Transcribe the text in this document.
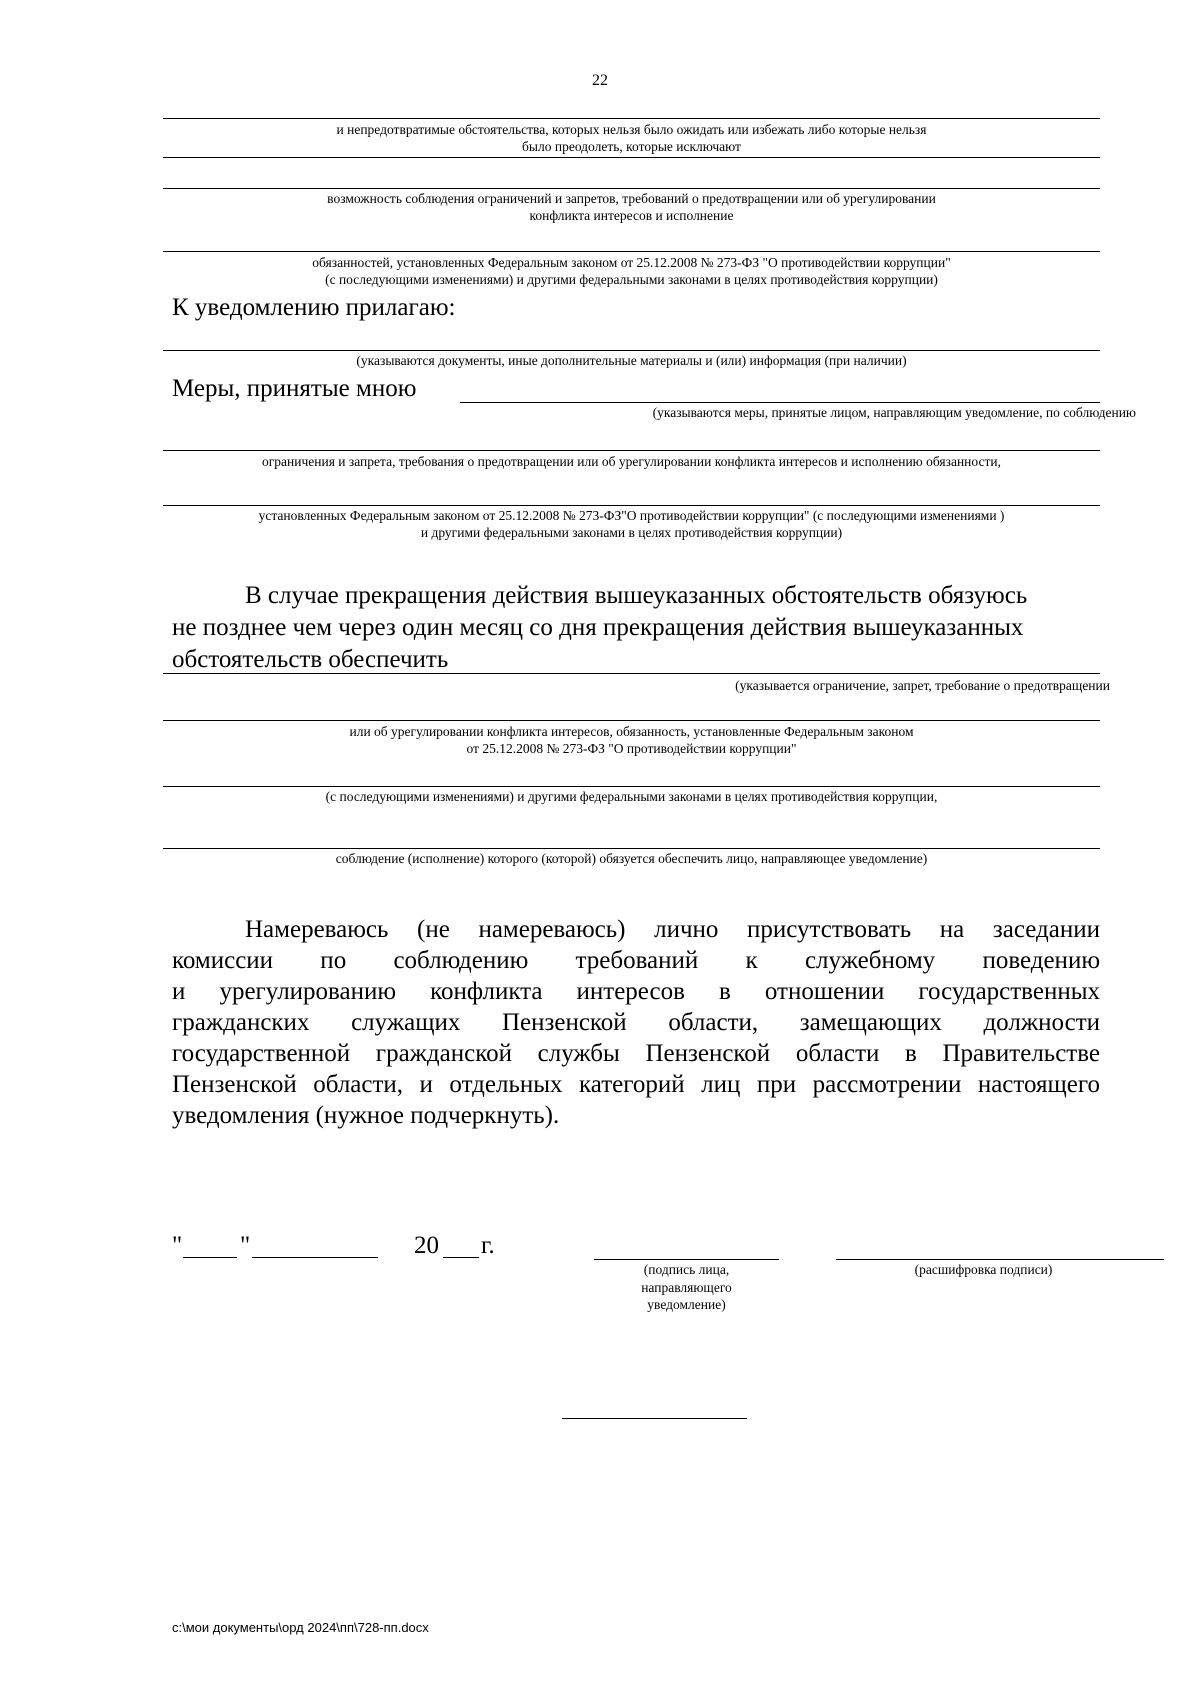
22
и непредотвратимые обстоятельства, которых нельзя было ожидать или избежать либо которые нельзя
было преодолеть, которые исключают
возможность соблюдения ограничений и запретов, требований о предотвращении или об урегулировании
конфликта интересов и исполнение
обязанностей, установленных Федеральным законом от 25.12.2008 № 273-ФЗ "О противодействии коррупции"
(с последующими изменениями) и другими федеральными законами в целях противодействия коррупции)
К уведомлению прилагаю:
(указываются документы, иные дополнительные материалы и (или) информация (при наличии)
Меры, принятые мною
(указываются меры, принятые лицом, направляющим уведомление, по соблюдению
ограничения и запрета, требования о предотвращении или об урегулировании конфликта интересов и исполнению обязанности,
установленных Федеральным законом от 25.12.2008 № 273-ФЗ"О противодействии коррупции" (с последующими изменениями )
и другими федеральными законами в целях противодействия коррупции)
В случае прекращения действия вышеуказанных обстоятельств обязуюсь
не позднее чем через один месяц со дня прекращения действия вышеуказанных
обстоятельств обеспечить
(указывается ограничение, запрет, требование о предотвращении
или об урегулировании конфликта интересов, обязанность, установленные Федеральным законом
от 25.12.2008 № 273-ФЗ "О противодействии коррупции"
(с последующими изменениями) и другими федеральными законами в целях противодействия коррупции,
соблюдение (исполнение) которого (которой) обязуется обеспечить лицо, направляющее уведомление)
Намереваюсь (не намереваюсь) лично присутствовать на заседании
комиссии по соблюдению требований к служебному поведению
и урегулированию конфликта интересов в отношении государственных
гражданских служащих Пензенской области, замещающих должности
государственной гражданской службы Пензенской области в Правительстве
Пензенской области, и отдельных категорий лиц при рассмотрении настоящего
уведомления (нужное подчеркнуть).
" "	20 г.
(подпись лица,
направляющего
уведомление)
(расшифровка подписи)
с:\мои документы\орд 2024\пп\728-пп.docx
